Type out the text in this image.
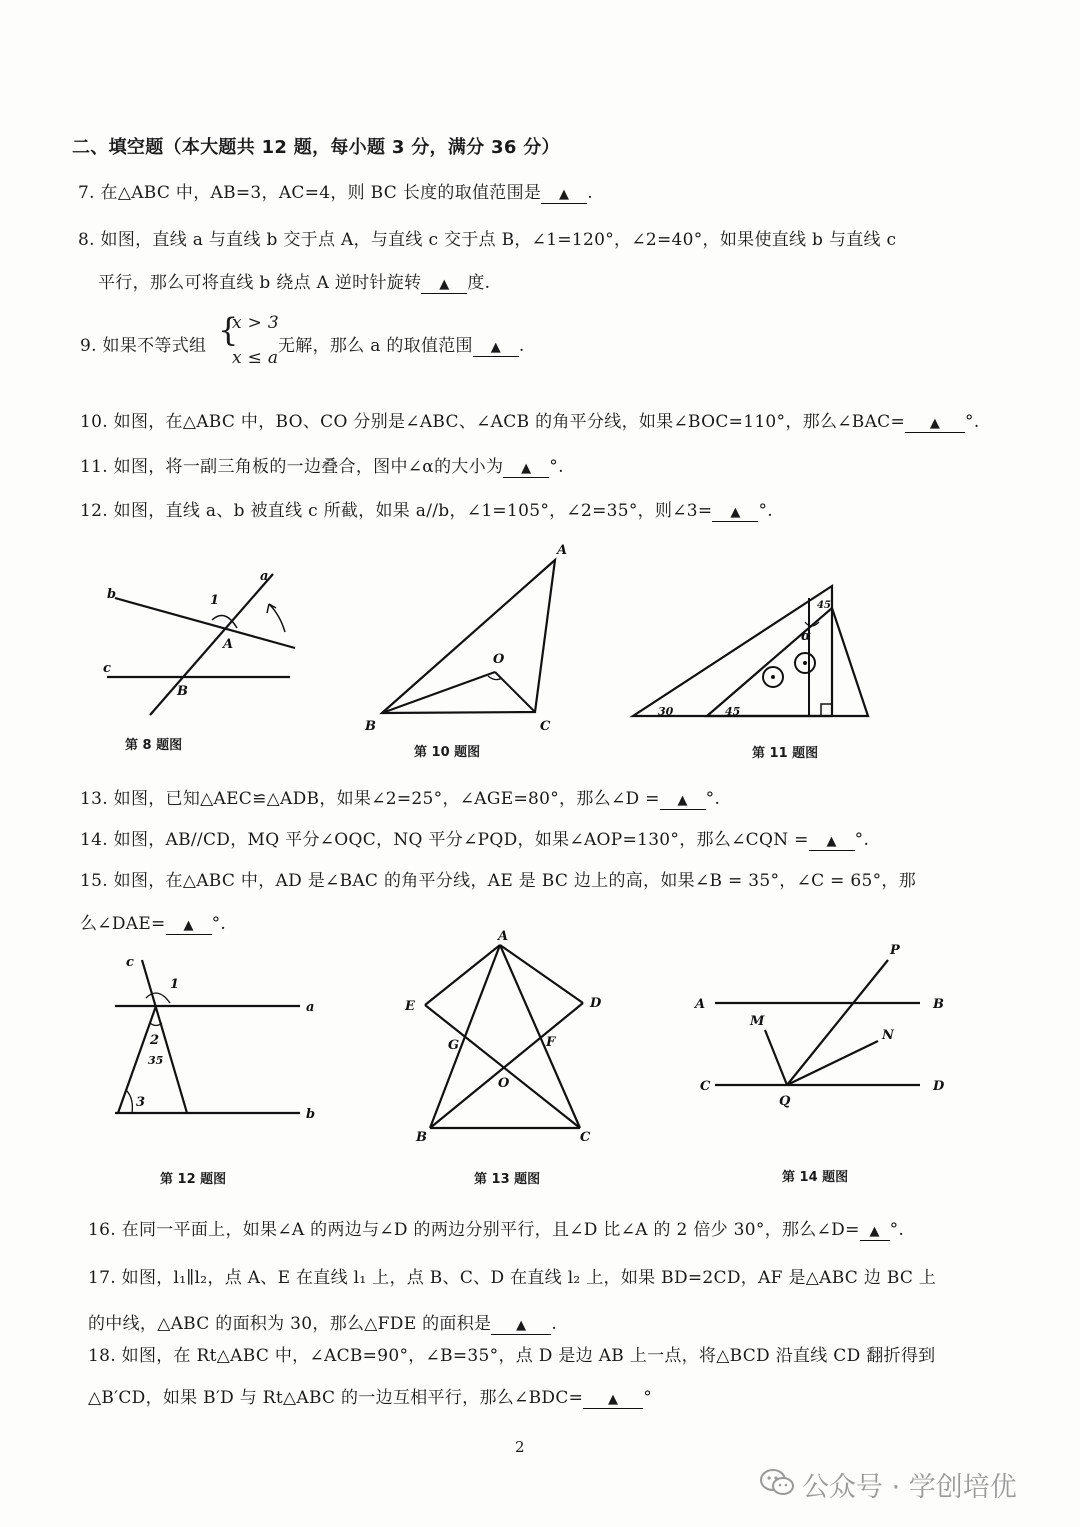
二、填空题（本大题共 12 题，每小题 3 分，满分 36 分）
7. 在△ABC 中，AB=3，AC=4，则 BC 长度的取值范围是 ▲ .
8. 如图，直线 a 与直线 b 交于点 A，与直线 c 交于点 B，∠1=120°，∠2=40°，如果使直线 b 与直线 c
平行，那么可将直线 b 绕点 A 逆时针旋转 ▲ 度.
9. 如果不等式组 {
x > 3
x ≤ a
无解，那么 a 的取值范围 ▲ .
10. 如图，在△ABC 中，BO、CO 分别是∠ABC、∠ACB 的角平分线，如果∠BOC=110°，那么∠BAC= ▲ °.
11. 如图，将一副三角板的一边叠合，图中∠α的大小为 ▲ °.
12. 如图，直线 a、b 被直线 c 所截，如果 a//b，∠1=105°，∠2=35°，则∠3= ▲ °.
a
b
c
A
B
1
第 8 题图
A
B	C
O
第 10 题图
α
30	45
45
第 11 题图
13. 如图，已知△AEC≌△ADB，如果∠2=25°，∠AGE=80°，那么∠D = ▲ °.
14. 如图，AB//CD，MQ 平分∠OQC，NQ 平分∠PQD，如果∠AOP=130°，那么∠CQN = ▲ °.
15. 如图，在△ABC 中，AD 是∠BAC 的角平分线，AE 是 BC 边上的高，如果∠B = 35°，∠C = 65°，那
么∠DAE= ▲ °.
c
1
a
b
2
35
3
第 12 题图
A
E	D
G	F
O
B	C
第 13 题图
P
A	B
M
N
C	D
Q
第 14 题图
16. 在同一平面上，如果∠A 的两边与∠D 的两边分别平行，且∠D 比∠A 的 2 倍少 30°，那么∠D= ▲ °.
17. 如图，l₁∥l₂，点 A、E 在直线 l₁ 上，点 B、C、D 在直线 l₂ 上，如果 BD=2CD，AF 是△ABC 边 BC 上
的中线，△ABC 的面积为 30，那么△FDE 的面积是 ▲ .
18. 如图，在 Rt△ABC 中，∠ACB=90°，∠B=35°，点 D 是边 AB 上一点，将△BCD 沿直线 CD 翻折得到
△B′CD，如果 B′D 与 Rt△ABC 的一边互相平行，那么∠BDC= ▲ °
2
公众号 · 学创培优
